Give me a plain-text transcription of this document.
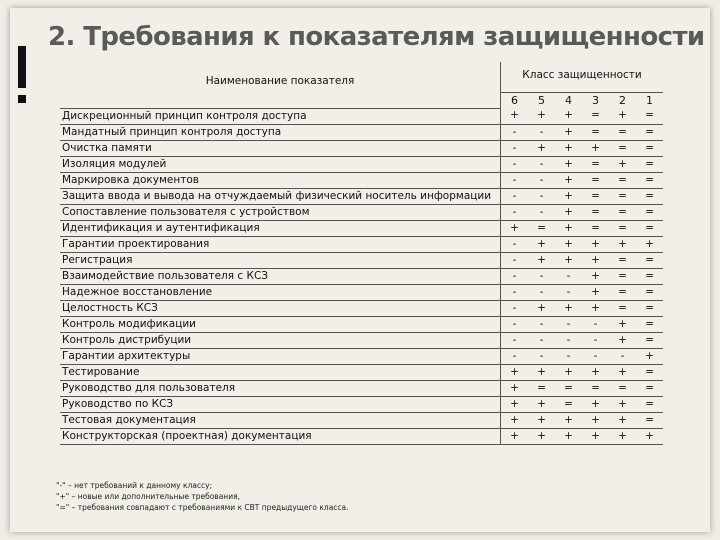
2. Требования к показателям защищенности
Наименование показателя	Класс защищенности					
	6	5	4	3	2	1
Дискреционный принцип контроля доступа	+	+	+	=	+	=
Мандатный принцип контроля доступа	-	-	+	=	=	=
Очистка памяти	-	+	+	+	=	=
Изоляция модулей	-	-	+	=	+	=
Маркировка документов	-	-	+	=	=	=
Защита ввода и вывода на отчуждаемый физический носитель информации	-	-	+	=	=	=
Сопоставление пользователя с устройством	-	-	+	=	=	=
Идентификация и аутентификация	+	=	+	=	=	=
Гарантии проектирования	-	+	+	+	+	+
Регистрация	-	+	+	+	=	=
Взаимодействие пользователя с КСЗ	-	-	-	+	=	=
Надежное восстановление	-	-	-	+	=	=
Целостность КСЗ	-	+	+	+	=	=
Контроль модификации	-	-	-	-	+	=
Контроль дистрибуции	-	-	-	-	+	=
Гарантии архитектуры	-	-	-	-	-	+
Тестирование	+	+	+	+	+	=
Руководство для пользователя	+	=	=	=	=	=
Руководство по КСЗ	+	+	=	+	+	=
Тестовая документация	+	+	+	+	+	=
Конструкторская (проектная) документация	+	+	+	+	+	+
"-" – нет требований к данному классу;
"+" – новые или дополнительные требования,
"=" – требования совпадают с требованиями к СВТ предыдущего класса.
